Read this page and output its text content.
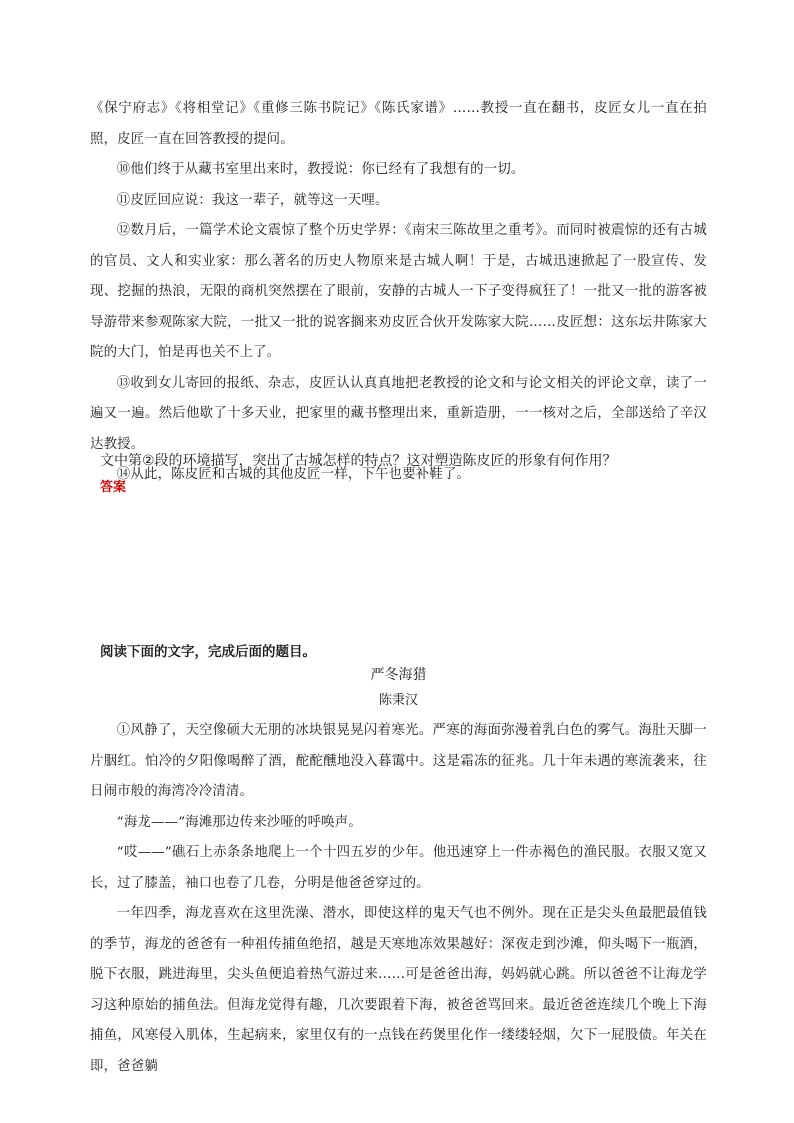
《保宁府志》《将相堂记》《重修三陈书院记》《陈氏家谱》……教授一直在翻书，皮匠女儿一直在拍照，皮匠一直在回答教授的提问。

⑩他们终于从藏书室里出来时，教授说：你已经有了我想有的一切。

⑪皮匠回应说：我这一辈子，就等这一天哩。

⑫数月后，一篇学术论文震惊了整个历史学界：《南宋三陈故里之重考》。而同时被震惊的还有古城的官员、文人和实业家：那么著名的历史人物原来是古城人啊！于是，古城迅速掀起了一股宣传、发现、挖掘的热浪，无限的商机突然摆在了眼前，安静的古城人一下子变得疯狂了！一批又一批的游客被导游带来参观陈家大院，一批又一批的说客搁来劝皮匠合伙开发陈家大院……皮匠想：这东坛井陈家大院的大门，怕是再也关不上了。

⑬收到女儿寄回的报纸、杂志，皮匠认认真真地把老教授的论文和与论文相关的评论文章，读了一遍又一遍。然后他歇了十多天业，把家里的藏书整理出来，重新造册，一一核对之后，全部送给了辛汉达教授。

⑭从此，陈皮匠和古城的其他皮匠一样，下午也要补鞋了。

文中第②段的环境描写，突出了古城怎样的特点？这对塑造陈皮匠的形象有何作用？

答案

阅读下面的文字，完成后面的题目。

严冬海猎

陈秉汉

①风静了，天空像硕大无朋的冰块银晃晃闪着寒光。严寒的海面弥漫着乳白色的雾气。海肚天脚一片胭红。怕冷的夕阳像喝醉了酒，酡酡醺地没入暮霭中。这是霜冻的征兆。几十年未遇的寒流袭来，往日闹市般的海湾冷冷清清。

“海龙——”海滩那边传来沙哑的呼唤声。

“哎——”礁石上赤条条地爬上一个十四五岁的少年。他迅速穿上一件赤褐色的渔民服。衣服又宽又长，过了膝盖，袖口也卷了几卷，分明是他爸爸穿过的。

一年四季，海龙喜欢在这里洗澡、潜水，即使这样的鬼天气也不例外。现在正是尖头鱼最肥最值钱的季节，海龙的爸爸有一种祖传捕鱼绝招，越是天寒地冻效果越好：深夜走到沙滩，仰头喝下一瓶酒，脱下衣服，跳进海里，尖头鱼便追着热气游过来……可是爸爸出海，妈妈就心跳。所以爸爸不让海龙学习这种原始的捕鱼法。但海龙觉得有趣，几次要跟着下海，被爸爸骂回来。最近爸爸连续几个晚上下海捕鱼，风寒侵入肌体，生起病来，家里仅有的一点钱在药煲里化作一缕缕轻烟，欠下一屁股债。年关在即，爸爸躺
